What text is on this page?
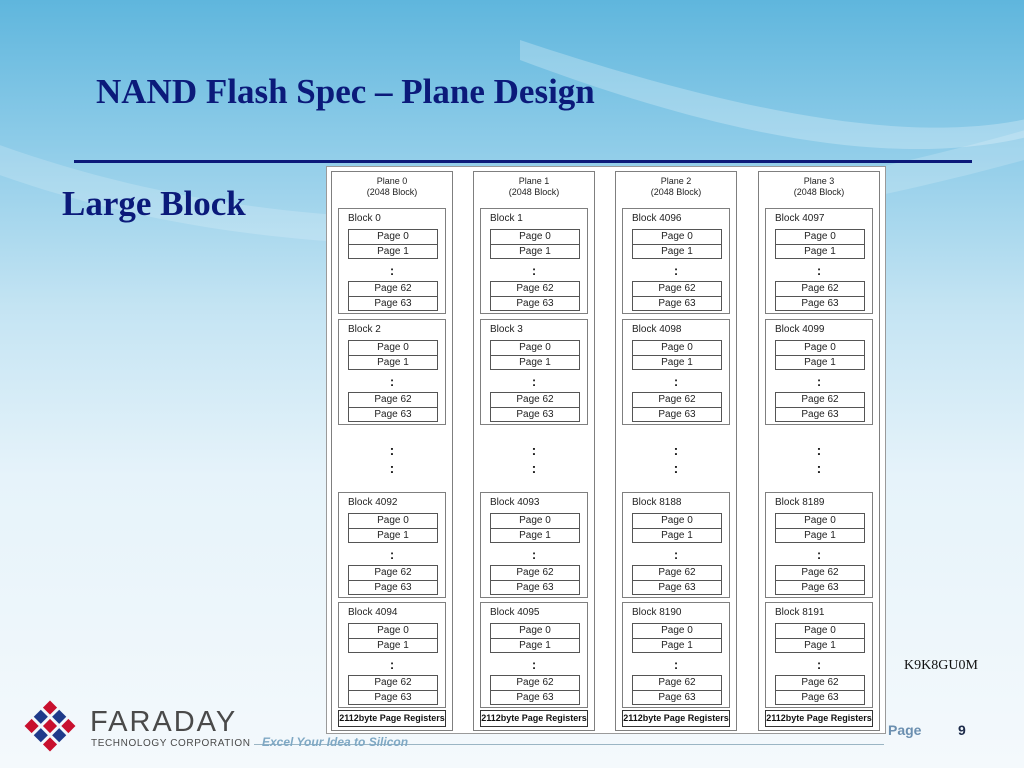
NAND Flash Spec – Plane Design
Large Block
Plane 0
(2048 Block)
Block 0
Page 0
Page 1
:
Page 62
Page 63
Block 2
Page 0
Page 1
:
Page 62
Page 63
Block 4092
Page 0
Page 1
:
Page 62
Page 63
Block 4094
Page 0
Page 1
:
Page 62
Page 63
:
:
2112byte Page Registers
Plane 1
(2048 Block)
Block 1
Page 0
Page 1
:
Page 62
Page 63
Block 3
Page 0
Page 1
:
Page 62
Page 63
Block 4093
Page 0
Page 1
:
Page 62
Page 63
Block 4095
Page 0
Page 1
:
Page 62
Page 63
:
:
2112byte Page Registers
Plane 2
(2048 Block)
Block 4096
Page 0
Page 1
:
Page 62
Page 63
Block 4098
Page 0
Page 1
:
Page 62
Page 63
Block 8188
Page 0
Page 1
:
Page 62
Page 63
Block 8190
Page 0
Page 1
:
Page 62
Page 63
:
:
2112byte Page Registers
Plane 3
(2048 Block)
Block 4097
Page 0
Page 1
:
Page 62
Page 63
Block 4099
Page 0
Page 1
:
Page 62
Page 63
Block 8189
Page 0
Page 1
:
Page 62
Page 63
Block 8191
Page 0
Page 1
:
Page 62
Page 63
:
:
2112byte Page Registers
K9K8GU0M
FARADAY
TECHNOLOGY CORPORATION Excel Your Idea to Silicon
Page	9
